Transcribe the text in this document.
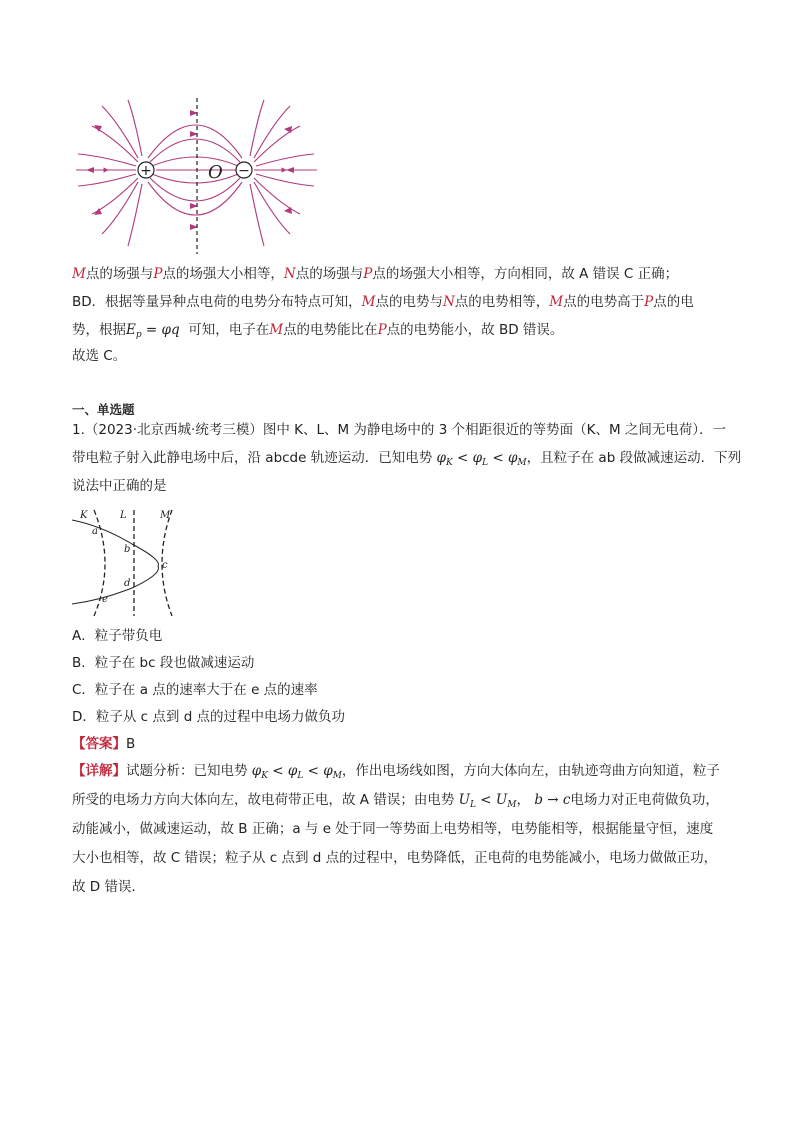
+	−
O
M点的场强与P点的场强大小相等，N点的场强与P点的场强大小相等，方向相同，故 A 错误 C 正确；
BD．根据等量异种点电荷的电势分布特点可知，M点的电势与N点的电势相等，M点的电势高于P点的电
势，根据$E_p = \varphi q$ 可知，电子在M点的电势能比在P点的电势能小，故 BD 错误。
故选 C。
一、单选题
1.（2023·北京西城·统考三模）图中 K、L、M 为静电场中的 3 个相距很近的等势面（K、M 之间无电荷）．一
带电粒子射入此静电场中后，沿 abcde 轨迹运动．已知电势 $\varphi_K < \varphi_L < \varphi_M$，且粒子在 ab 段做减速运动．下列
说法中正确的是
K	L	M
a
b
c
d
e
A．粒子带负电
B．粒子在 bc 段也做减速运动
C．粒子在 a 点的速率大于在 e 点的速率
D．粒子从 c 点到 d 点的过程中电场力做负功
【答案】B
【详解】试题分析：已知电势 $\varphi_K < \varphi_L < \varphi_M$，作出电场线如图，方向大体向左，由轨迹弯曲方向知道，粒子
所受的电场力方向大体向左，故电荷带正电，故 A 错误；由电势 $U_L < U_M$， b → c电场力对正电荷做负功，
动能减小，做减速运动，故 B 正确；a 与 e 处于同一等势面上电势相等，电势能相等，根据能量守恒，速度
大小也相等，故 C 错误；粒子从 c 点到 d 点的过程中，电势降低，正电荷的电势能减小，电场力做做正功，
故 D 错误．
